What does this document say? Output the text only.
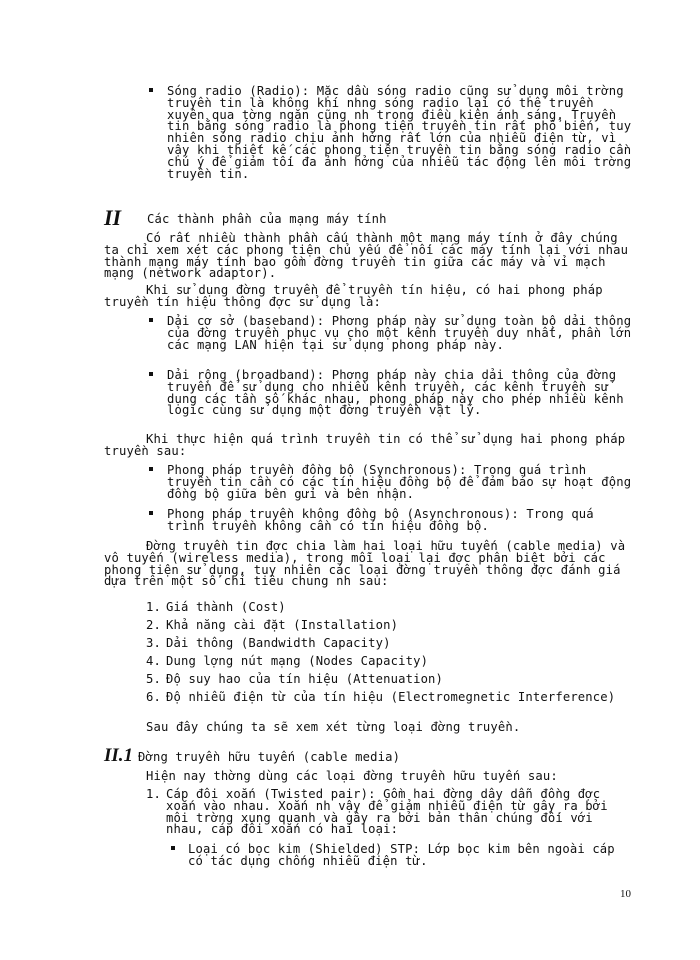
Sóng radio (Radio): Mặc dầu sóng radio cũng sử dụng môi trờng truyền tin là không khí nhng sóng radio lại có thể truyền xuyên qua tờng ngăn cũng nh trong điều kiện ánh sáng. Truyền tin bằng sóng radio là phong tiện truyền tin rất phổ biến, tuy nhiên sóng radio chịu ảnh hởng rất lớn của nhiễu điện từ, vì vậy khi thiết kế các phong tiện truyền tin bằng sóng radio cần chú ý để giảm tối đa ảnh hởng của nhiễu tác động lên môi trờng truyền tin.
II Các thành phần của mạng máy tính
Có rất nhiều thành phần cấu thành một mạng máy tính ở đây chúng ta chỉ xem xét các phong tiện chủ yếu để nối các máy tính lại với nhau thành mạng máy tính bao gồm đờng truyền tin giữa các máy và vỉ mạch mạng (network adaptor).
Khi sử dụng đờng truyền để truyền tín hiệu, có hai phong pháp truyền tín hiệu thông đợc sử dụng là:
Dải cơ sở (baseband): Phơng pháp này sử dụng toàn bộ dải thông của đờng truyền phục vụ cho một kênh truyền duy nhất, phần lớn các mạng LAN hiện tại sử dụng phong pháp này.
Dải rộng (broadband): Phơng pháp này chia dải thông của đờng truyền để sử dụng cho nhiều kênh truyền, các kênh truyền sử dụng các tần số khác nhau, phong pháp này cho phép nhiều kênh logic cùng sử dụng một đờng truyền vật lý.
Khi thực hiện quá trình truyền tin có thể sử dụng hai phong pháp truyền sau:
Phong pháp truyền đồng bộ (Synchronous): Trong quá trình truyền tin cần có các tín hiệu đồng bộ để đảm bảo sự hoạt động đồng bộ giữa bên gửi và bên nhận.
Phong pháp truyền không đồng bộ (Asynchronous): Trong quá trình truyền không cần có tín hiệu đồng bộ.
Đờng truyền tin đợc chia làm hai loại hữu tuyến (cable media) và vô tuyến (wireless media), trong mỗi loại lại đợc phân biệt bởi các phong tiện sử dụng, tuy nhiên các loại đờng truyền thông đợc đánh giá dựa trên một số chỉ tiêu chung nh sau:
1. Giá thành (Cost)
2. Khả năng cài đặt (Installation)
3. Dải thông (Bandwidth Capacity)
4. Dung lợng nút mạng (Nodes Capacity)
5. Độ suy hao của tín hiệu (Attenuation)
6. Độ nhiễu điện từ của tín hiệu (Electromegnetic Interference)
Sau đây chúng ta sẽ xem xét từng loại đờng truyền.
II.1 Đờng truyền hữu tuyến (cable media)
Hiện nay thờng dùng các loại đờng truyền hữu tuyến sau:
1. Cáp đôi xoắn (Twisted pair): Gồm hai đờng dây dẫn đồng đợc xoắn vào nhau. Xoắn nh vậy để giảm nhiễu điện từ gây ra bởi môi trờng xung quanh và gây ra bởi bản thân chúng đối với nhau, cáp đôi xoắn có hai loại:
Loại có bọc kim (Shielded) STP: Lớp bọc kim bên ngoài cáp có tác dụng chống nhiễu điện từ.
10
